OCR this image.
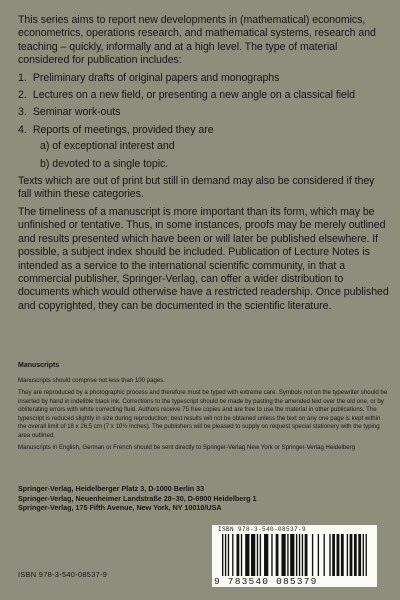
This series aims to report new developments in (mathematical) economics, econometrics, operations research, and mathematical systems, research and teaching – quickly, informally and at a high level. The type of material considered for publication includes:

1. Preliminary drafts of original papers and monographs
2. Lectures on a new field, or presenting a new angle on a classical field
3. Seminar work-outs
4. Reports of meetings, provided they are
a) of exceptional interest and
b) devoted to a single topic.

Texts which are out of print but still in demand may also be considered if they fall within these categories.

The timeliness of a manuscript is more important than its form, which may be unfinished or tentative. Thus, in some instances, proofs may be merely outlined and results presented which have been or will later be published elsewhere. If possible, a subject index should be included. Publication of Lecture Notes is intended as a service to the international scientific community, in that a commercial publisher, Springer-Verlag, can offer a wider distribution to documents which would otherwise have a restricted readership. Once published and copyrighted, they can be documented in the scientific literature.

Manuscripts

Manuscripts should comprise not less than 100 pages.

They are reproduced by a photographic process and therefore must be typed with extreme care. Symbols not on the typewriter should be inserted by hand in indelible black ink. Corrections to the typescript should be made by pasting the amended text over the old one, or by obliterating errors with white correcting fluid. Authors receive 75 free copies and are free to use the material in other publications. The typescript is reduced slightly in size during reproduction; best results will not be obtained unless the text on any one page is kept within the overall limit of 18 x 26.5 cm (7 x 10½ inches). The publishers will be pleased to supply on request special stationery with the typing area outlined.

Manuscripts in English, German or French should be sent directly to Springer-Verlag New York or Springer-Verlag Heidelberg

Springer-Verlag, Heidelberger Platz 3, D-1000 Berlin 33
Springer-Verlag, Neuenheimer Landstraße 28–30, D-6900 Heidelberg 1
Springer-Verlag, 175 Fifth Avenue, New York, NY 10010/USA
ISBN 978-3-540-08537-9
9 783540 085379
ISBN 978-3-540-08537-9
